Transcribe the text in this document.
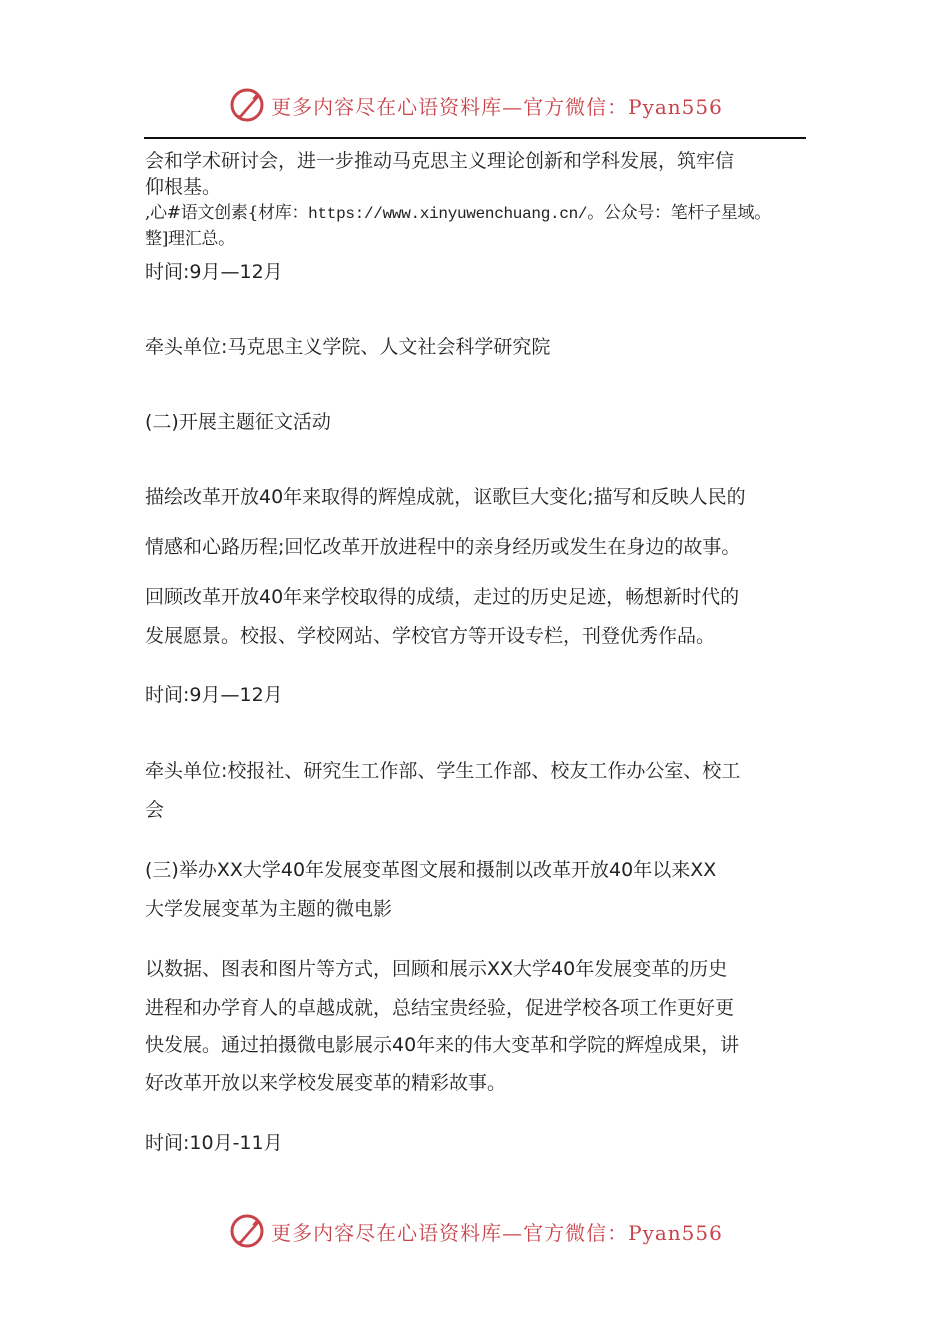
更多内容尽在心语资料库—官方微信：Pyan556
会和学术研讨会，进一步推动马克思主义理论创新和学科发展，筑牢信
仰根基。
,心#语文创素{材库：https://www.xinyuwenchuang.cn/。公众号：笔杆子星域。
整]理汇总。
时间:9月—12月
牵头单位:马克思主义学院、人文社会科学研究院
(二)开展主题征文活动
描绘改革开放40年来取得的辉煌成就，讴歌巨大变化;描写和反映人民的
情感和心路历程;回忆改革开放进程中的亲身经历或发生在身边的故事。
回顾改革开放40年来学校取得的成绩，走过的历史足迹，畅想新时代的
发展愿景。校报、学校网站、学校官方等开设专栏，刊登优秀作品。
时间:9月—12月
牵头单位:校报社、研究生工作部、学生工作部、校友工作办公室、校工
会
(三)举办XX大学40年发展变革图文展和摄制以改革开放40年以来XX
大学发展变革为主题的微电影
以数据、图表和图片等方式，回顾和展示XX大学40年发展变革的历史
进程和办学育人的卓越成就，总结宝贵经验，促进学校各项工作更好更
快发展。通过拍摄微电影展示40年来的伟大变革和学院的辉煌成果，讲
好改革开放以来学校发展变革的精彩故事。
时间:10月-11月
更多内容尽在心语资料库—官方微信：Pyan556
